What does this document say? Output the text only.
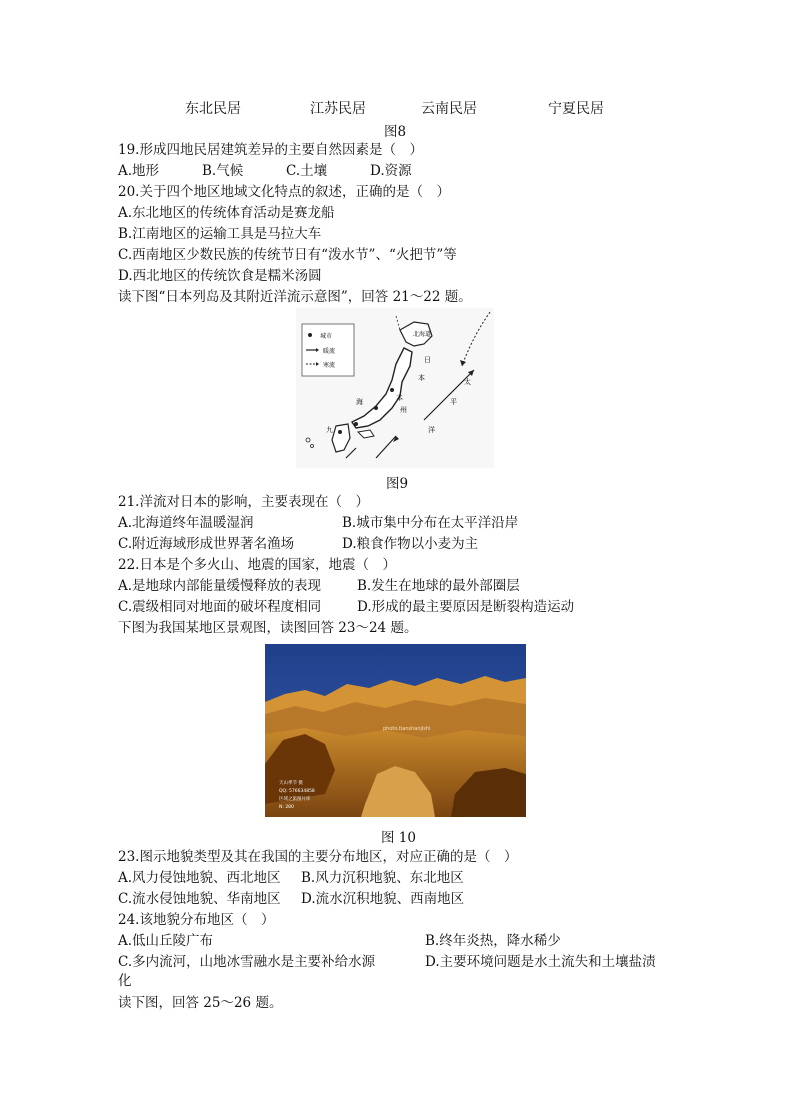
东北民居	江苏民居	云南民居	宁夏民居
图8
19.形成四地民居建筑差异的主要自然因素是（　）
A.地形	B.气候	C.土壤	D.资源
20.关于四个地区地域文化特点的叙述，正确的是（　）
A.东北地区的传统体育活动是赛龙船
B.江南地区的运输工具是马拉大车
C.西南地区少数民族的传统节日有“泼水节”、“火把节”等
D.西北地区的传统饮食是糯米汤圆
读下图“日本列岛及其附近洋流示意图”，回答 21～22 题。
城市
暖流
寒流
北海道
日
本	太
平
洋
本
州
海
九
图9
21.洋流对日本的影响，主要表现在（　）
A.北海道终年温暖湿润	B.城市集中分布在太平洋沿岸
C.附近海域形成世界著名渔场	D.粮食作物以小麦为主
22.日本是个多火山、地震的国家，地震（　）
A.是地球内部能量缓慢释放的表现	B.发生在地球的最外部圈层
C.震级相同对地面的破坏程度相同	D.形成的最主要原因是断裂构造运动
下图为我国某地区景观图，读图回答 23～24 题。
photo.tianshanjishi
天山季节 摄
QQ: 576634858
区域之旅图片库
N: 280
图 10
23.图示地貌类型及其在我国的主要分布地区，对应正确的是（　）
A.风力侵蚀地貌、西北地区 B.风力沉积地貌、东北地区
C.流水侵蚀地貌、华南地区 D.流水沉积地貌、西南地区
24.该地貌分布地区（　）
A.低山丘陵广布	B.终年炎热，降水稀少
C.多内流河，山地冰雪融水是主要补给水源	D.主要环境问题是水土流失和土壤盐渍
化
读下图，回答 25～26 题。
